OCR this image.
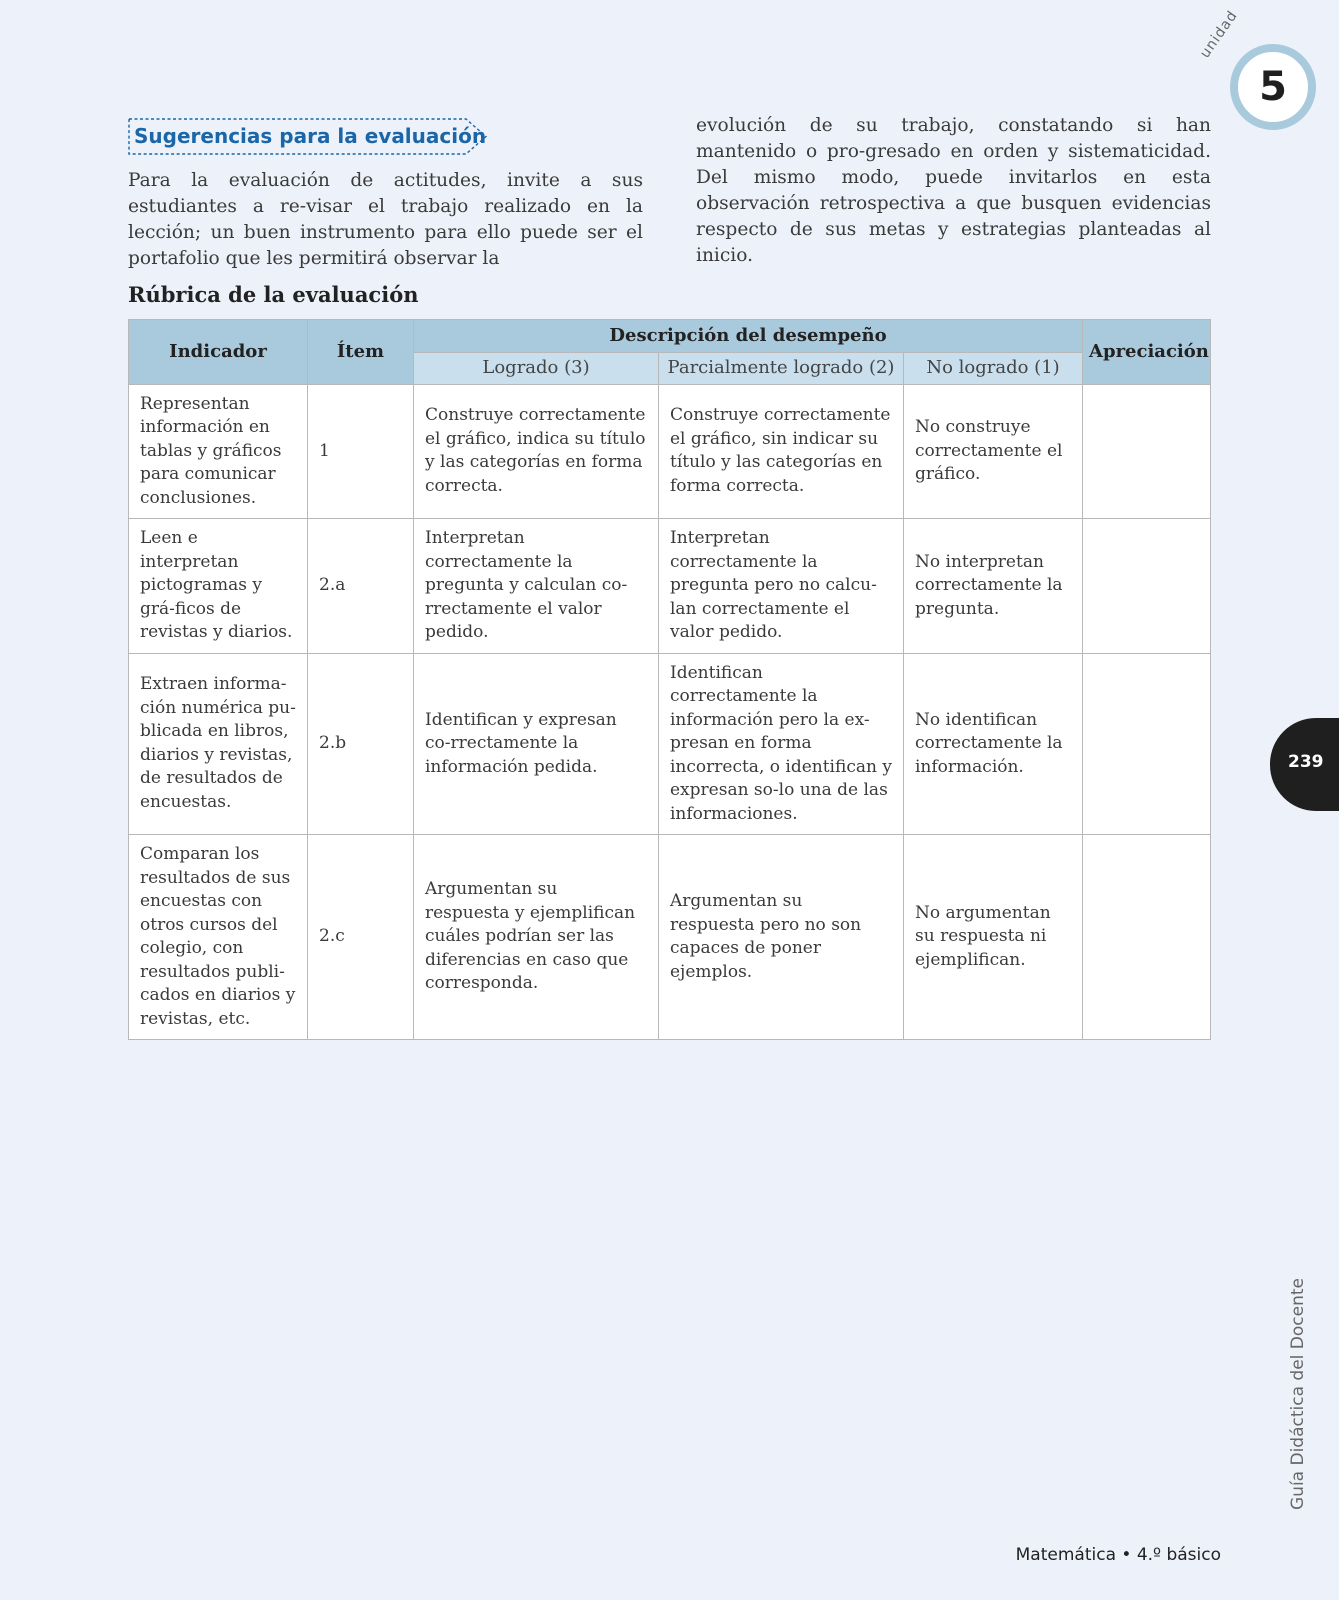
unidad
5
Sugerencias para la evaluación
Para la evaluación de actitudes, invite a sus estudiantes a re-visar el trabajo realizado en la lección; un buen instrumento para ello puede ser el portafolio que les permitirá observar la
evolución de su trabajo, constatando si han mantenido o pro-gresado en orden y sistematicidad. Del mismo modo, puede invitarlos en esta observación retrospectiva a que busquen evidencias respecto de sus metas y estrategias planteadas al inicio.
Rúbrica de la evaluación
Indicador	Ítem	Descripción del desempeño			Apreciación
		Logrado (3)	Parcialmente logrado (2)	No logrado (1)	
Representan información en tablas y gráficos para comunicar conclusiones.	1	Construye correctamente el gráfico, indica su título y las categorías en forma correcta.	Construye correctamente el gráfico, sin indicar su título y las categorías en forma correcta.	No construye correctamente el gráfico.	
Leen e interpretan pictogramas y grá-ficos de revistas y diarios.	2.a	Interpretan correctamente la pregunta y calculan co-rrectamente el valor pedido.	Interpretan correctamente la pregunta pero no calcu-lan correctamente el valor pedido.	No interpretan correctamente la pregunta.	
Extraen informa-ción numérica pu-blicada en libros, diarios y revistas, de resultados de encuestas.	2.b	Identifican y expresan co-rrectamente la información pedida.	Identifican correctamente la información pero la ex-presan en forma incorrecta, o identifican y expresan so-lo una de las informaciones.	No identifican correctamente la información.	
Comparan los resultados de sus encuestas con otros cursos del colegio, con resultados publi-cados en diarios y revistas, etc.	2.c	Argumentan su respuesta y ejemplifican cuáles podrían ser las diferencias en caso que corresponda.	Argumentan su respuesta pero no son capaces de poner ejemplos.	No argumentan su respuesta ni ejemplifican.	
239
Guía Didáctica del Docente
Matemática • 4.º básico
